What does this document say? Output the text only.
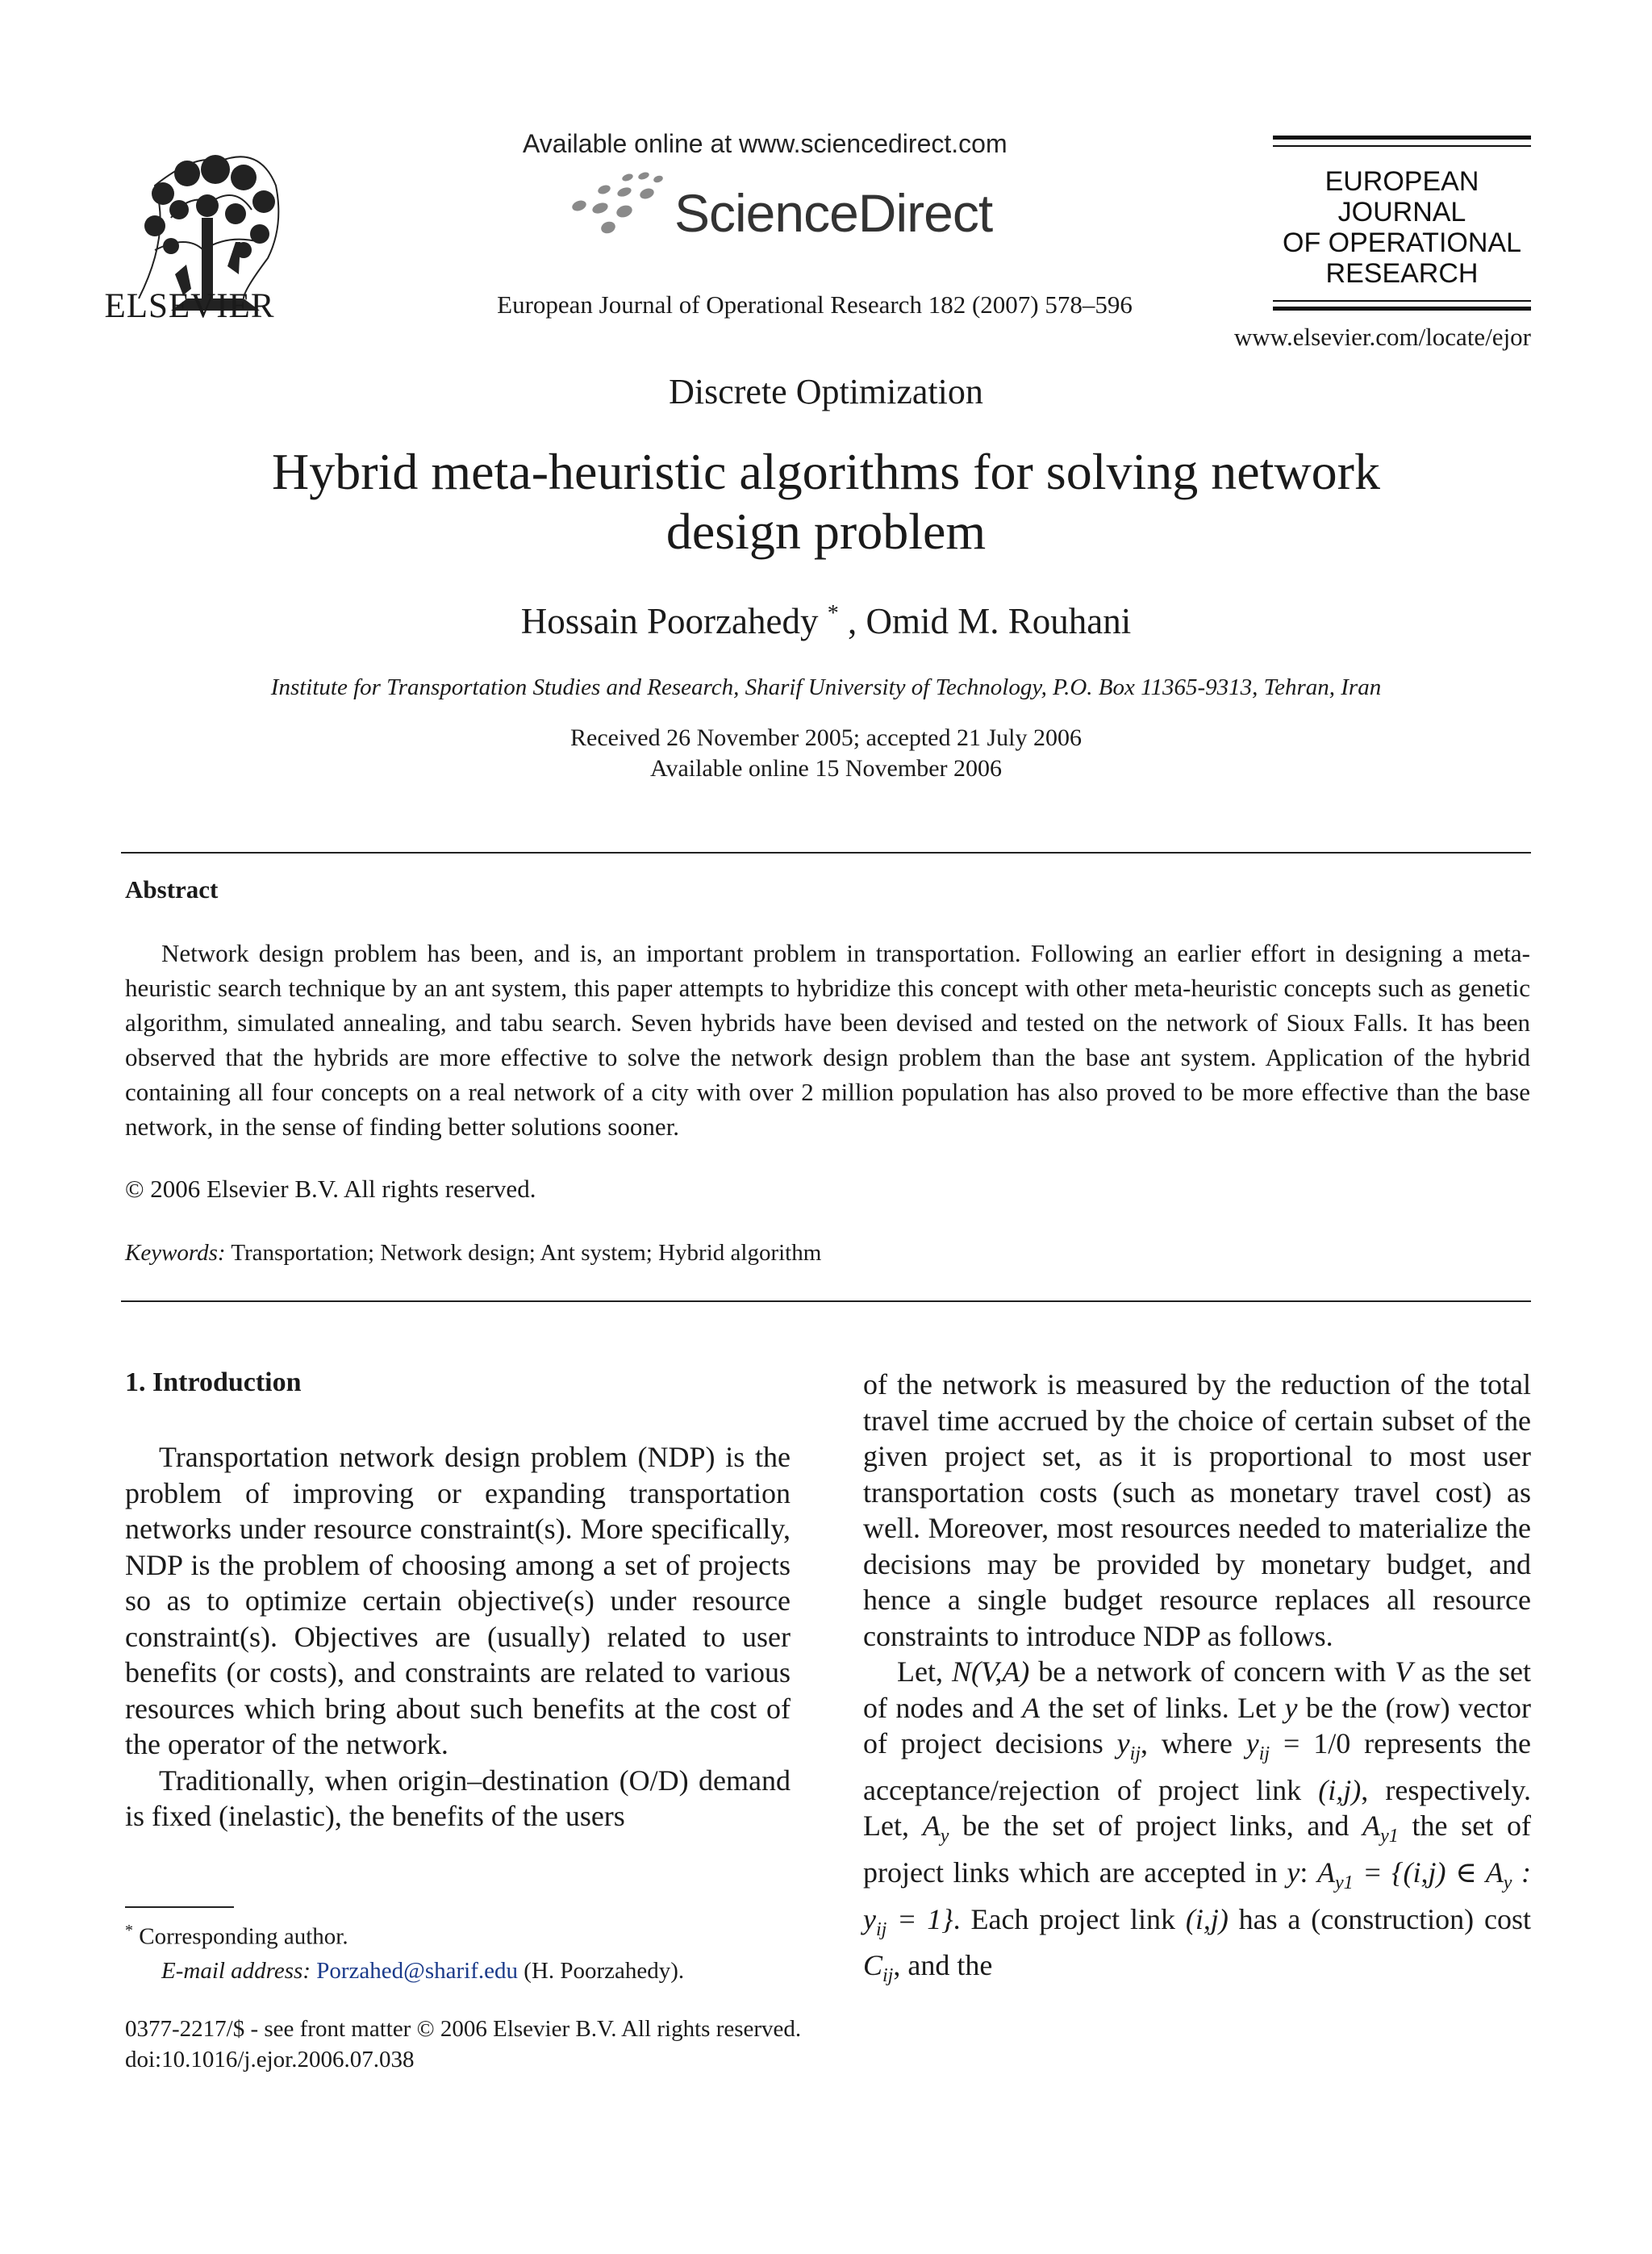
ELSEVIER
Available online at www.sciencedirect.com
ScienceDirect
European Journal of Operational Research 182 (2007) 578–596
EUROPEAN
JOURNAL
OF OPERATIONAL
RESEARCH
www.elsevier.com/locate/ejor
Discrete Optimization
Hybrid meta-heuristic algorithms for solving network
design problem
Hossain Poorzahedy * , Omid M. Rouhani
Institute for Transportation Studies and Research, Sharif University of Technology, P.O. Box 11365-9313, Tehran, Iran
Received 26 November 2005; accepted 21 July 2006
Available online 15 November 2006
Abstract

Network design problem has been, and is, an important problem in transportation. Following an earlier effort in designing a meta-heuristic search technique by an ant system, this paper attempts to hybridize this concept with other meta-heuristic concepts such as genetic algorithm, simulated annealing, and tabu search. Seven hybrids have been devised and tested on the network of Sioux Falls. It has been observed that the hybrids are more effective to solve the network design problem than the base ant system. Application of the hybrid containing all four concepts on a real network of a city with over 2 million population has also proved to be more effective than the base network, in the sense of finding better solutions sooner.

© 2006 Elsevier B.V. All rights reserved.
Keywords: Transportation; Network design; Ant system; Hybrid algorithm
1. Introduction

Transportation network design problem (NDP) is the problem of improving or expanding transportation networks under resource constraint(s). More specifically, NDP is the problem of choosing among a set of projects so as to optimize certain objective(s) under resource constraint(s). Objectives are (usually) related to user benefits (or costs), and constraints are related to various resources which bring about such benefits at the cost of the operator of the network.

Traditionally, when origin–destination (O/D) demand is fixed (inelastic), the benefits of the users

of the network is measured by the reduction of the total travel time accrued by the choice of certain subset of the given project set, as it is proportional to most user transportation costs (such as monetary travel cost) as well. Moreover, most resources needed to materialize the decisions may be provided by monetary budget, and hence a single budget resource replaces all resource constraints to introduce NDP as follows.

Let, N(V,A) be a network of concern with V as the set of nodes and A the set of links. Let y be the (row) vector of project decisions $y_{ij}$, where $y_{ij} = 1/0$ represents the acceptance/rejection of project link (i,j), respectively. Let, $A_y$ be the set of project links, and $A_{y1}$ the set of project links which are accepted in y: $A_{y1} = \{(i,j)$ ∈ $A_y$ : $y_{ij} = 1$}. Each project link (i,j) has a (construction) cost $C_{ij}$, and the

* Corresponding author.
E-mail address: Porzahed@sharif.edu (H. Poorzahedy).
0377-2217/$ - see front matter © 2006 Elsevier B.V. All rights reserved.
doi:10.1016/j.ejor.2006.07.038
